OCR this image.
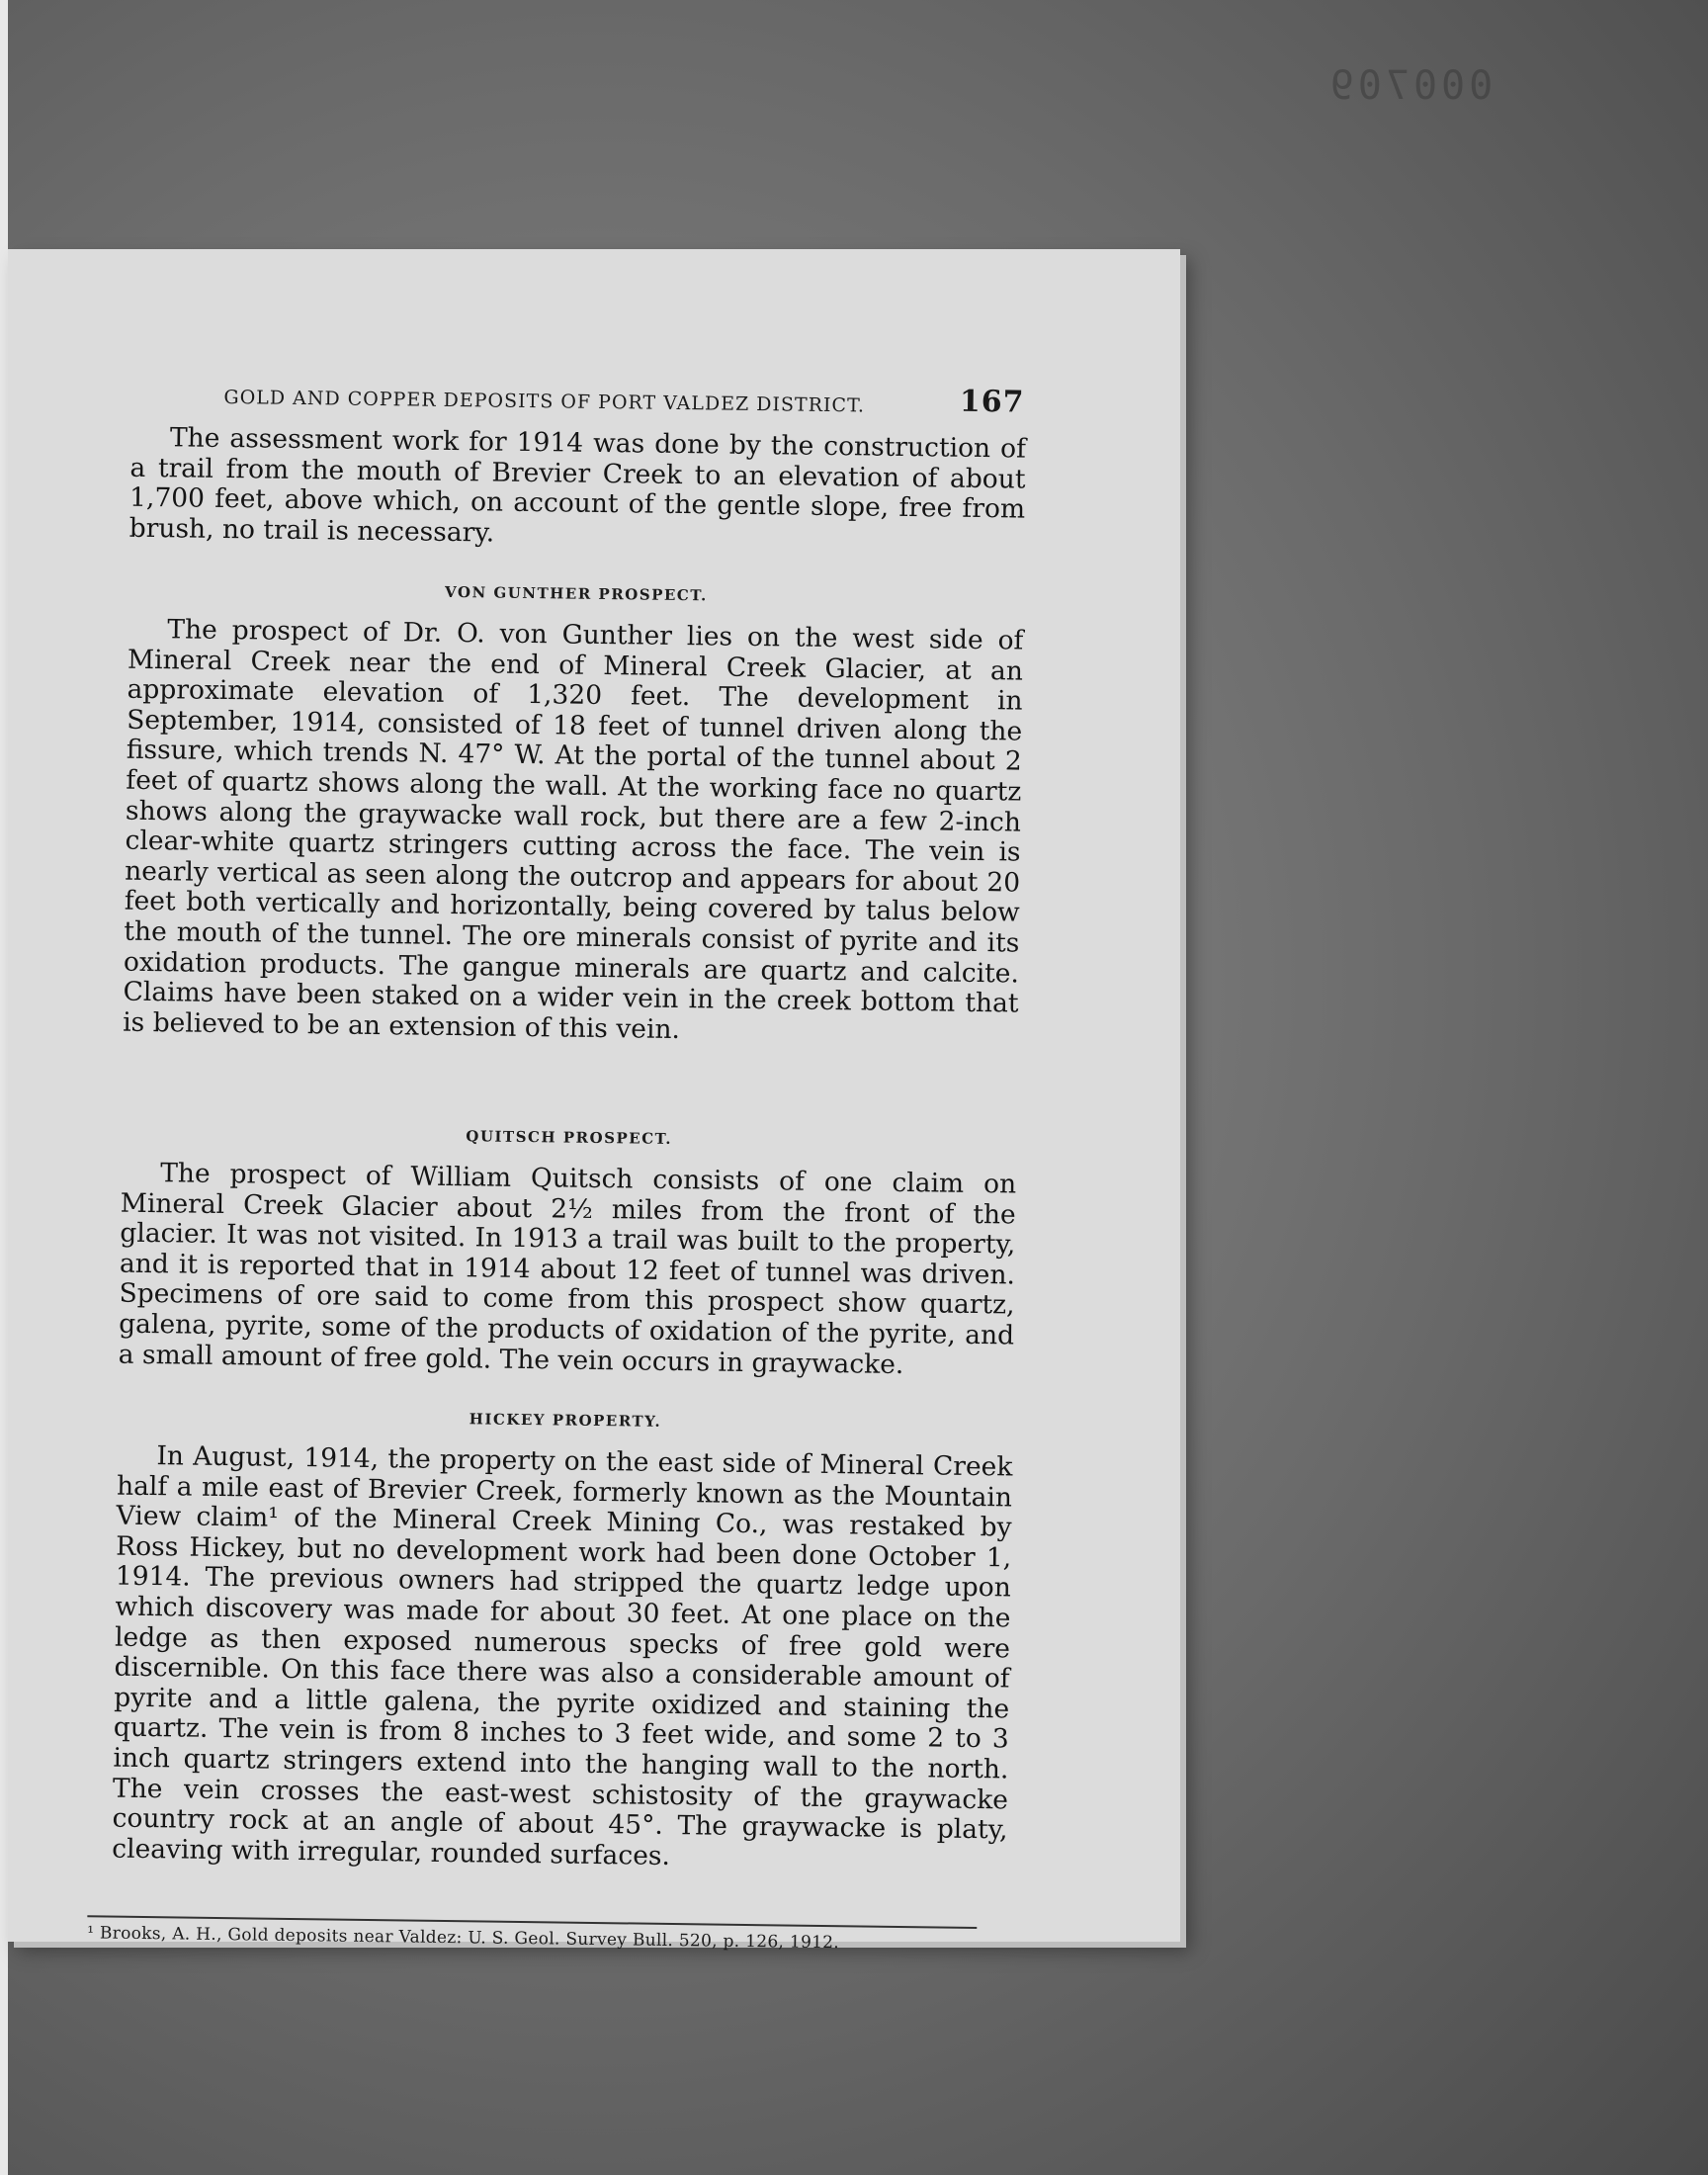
000709
GOLD AND COPPER DEPOSITS OF PORT VALDEZ DISTRICT.	167

The assessment work for 1914 was done by the construction of a trail from the mouth of Brevier Creek to an elevation of about 1,700 feet, above which, on account of the gentle slope, free from brush, no trail is necessary.

VON GUNTHER PROSPECT.

The prospect of Dr. O. von Gunther lies on the west side of Mineral Creek near the end of Mineral Creek Glacier, at an approximate elevation of 1,320 feet. The development in September, 1914, consisted of 18 feet of tunnel driven along the fissure, which trends N. 47° W. At the portal of the tunnel about 2 feet of quartz shows along the wall. At the working face no quartz shows along the graywacke wall rock, but there are a few 2-inch clear-white quartz stringers cutting across the face. The vein is nearly vertical as seen along the outcrop and appears for about 20 feet both vertically and horizontally, being covered by talus below the mouth of the tunnel. The ore minerals consist of pyrite and its oxidation products. The gangue minerals are quartz and calcite. Claims have been staked on a wider vein in the creek bottom that is believed to be an extension of this vein.

QUITSCH PROSPECT.

The prospect of William Quitsch consists of one claim on Mineral Creek Glacier about 2½ miles from the front of the glacier. It was not visited. In 1913 a trail was built to the property, and it is reported that in 1914 about 12 feet of tunnel was driven. Specimens of ore said to come from this prospect show quartz, galena, pyrite, some of the products of oxidation of the pyrite, and a small amount of free gold. The vein occurs in graywacke.

HICKEY PROPERTY.

In August, 1914, the property on the east side of Mineral Creek half a mile east of Brevier Creek, formerly known as the Mountain View claim¹ of the Mineral Creek Mining Co., was restaked by Ross Hickey, but no development work had been done October 1, 1914. The previous owners had stripped the quartz ledge upon which discovery was made for about 30 feet. At one place on the ledge as then exposed numerous specks of free gold were discernible. On this face there was also a considerable amount of pyrite and a little galena, the pyrite oxidized and staining the quartz. The vein is from 8 inches to 3 feet wide, and some 2 to 3 inch quartz stringers extend into the hanging wall to the north. The vein crosses the east-west schistosity of the graywacke country rock at an angle of about 45°. The graywacke is platy, cleaving with irregular, rounded surfaces.

¹ Brooks, A. H., Gold deposits near Valdez: U. S. Geol. Survey Bull. 520, p. 126, 1912.
